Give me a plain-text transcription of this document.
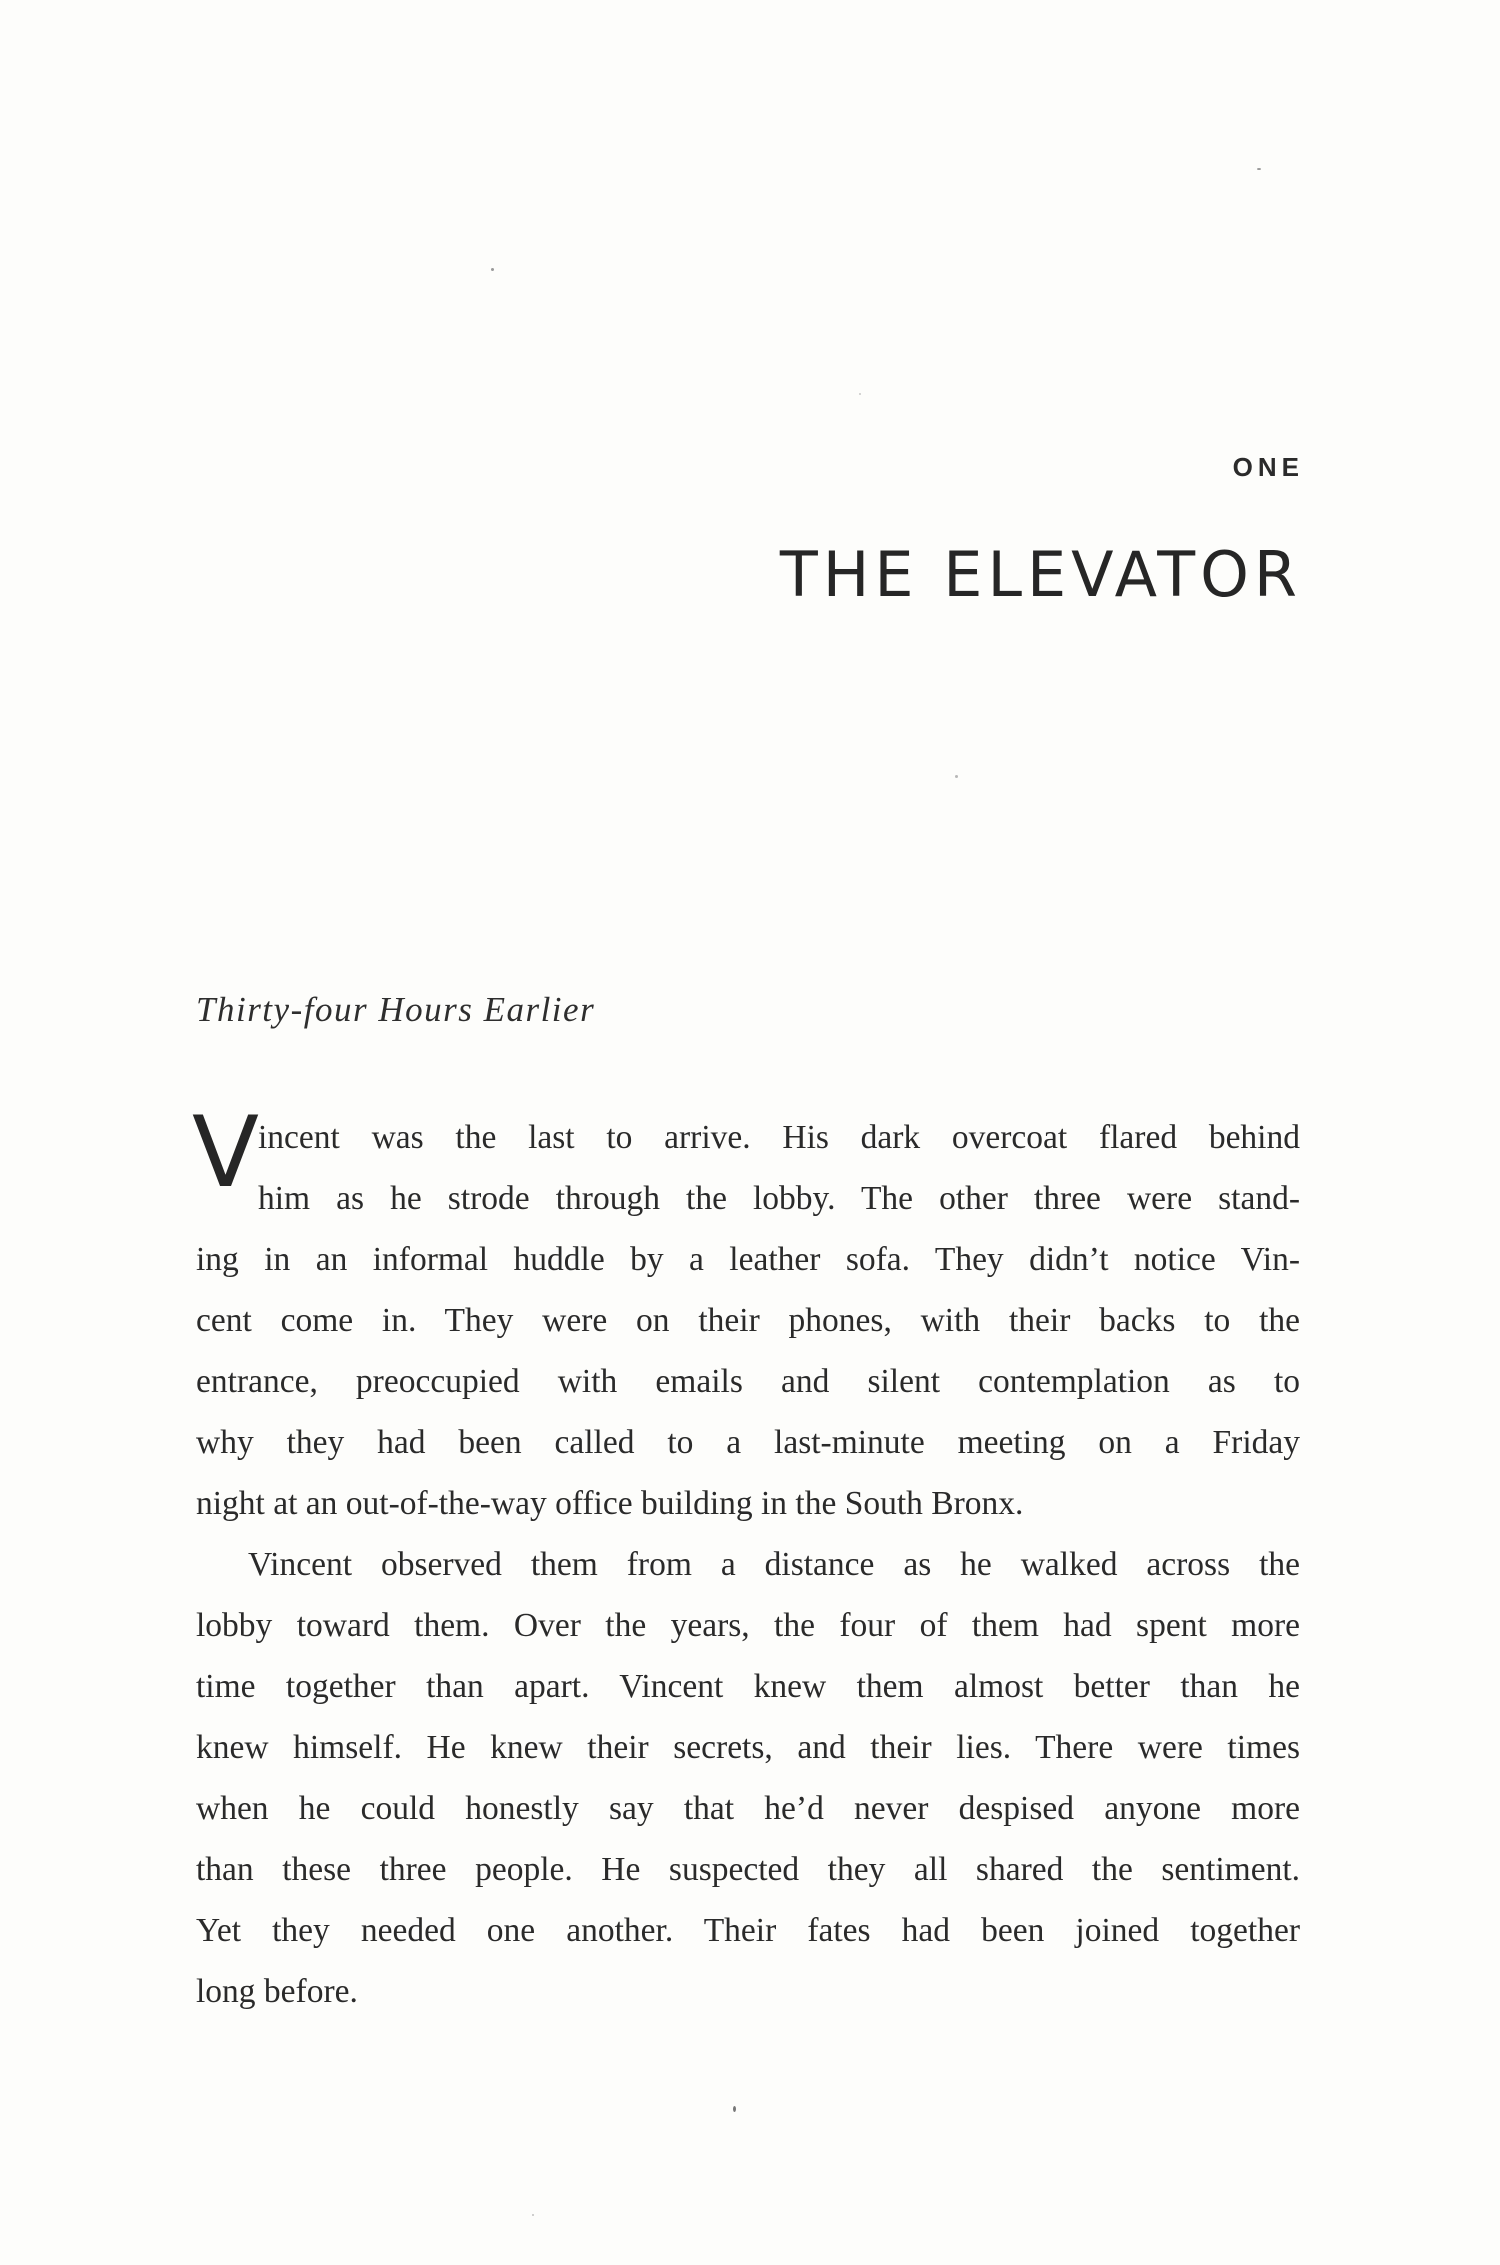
ONE
THE ELEVATOR
Thirty-four Hours Earlier
V
incent was the last to arrive. His dark overcoat flared behind
him as he strode through the lobby. The other three were stand-
ing in an informal huddle by a leather sofa. They didn’t notice Vin-
cent come in. They were on their phones, with their backs to the
entrance, preoccupied with emails and silent contemplation as to
why they had been called to a last-minute meeting on a Friday
night at an out-of-the-way office building in the South Bronx.
Vincent observed them from a distance as he walked across the
lobby toward them. Over the years, the four of them had spent more
time together than apart. Vincent knew them almost better than he
knew himself. He knew their secrets, and their lies. There were times
when he could honestly say that he’d never despised anyone more
than these three people. He suspected they all shared the sentiment.
Yet they needed one another. Their fates had been joined together
long before.
